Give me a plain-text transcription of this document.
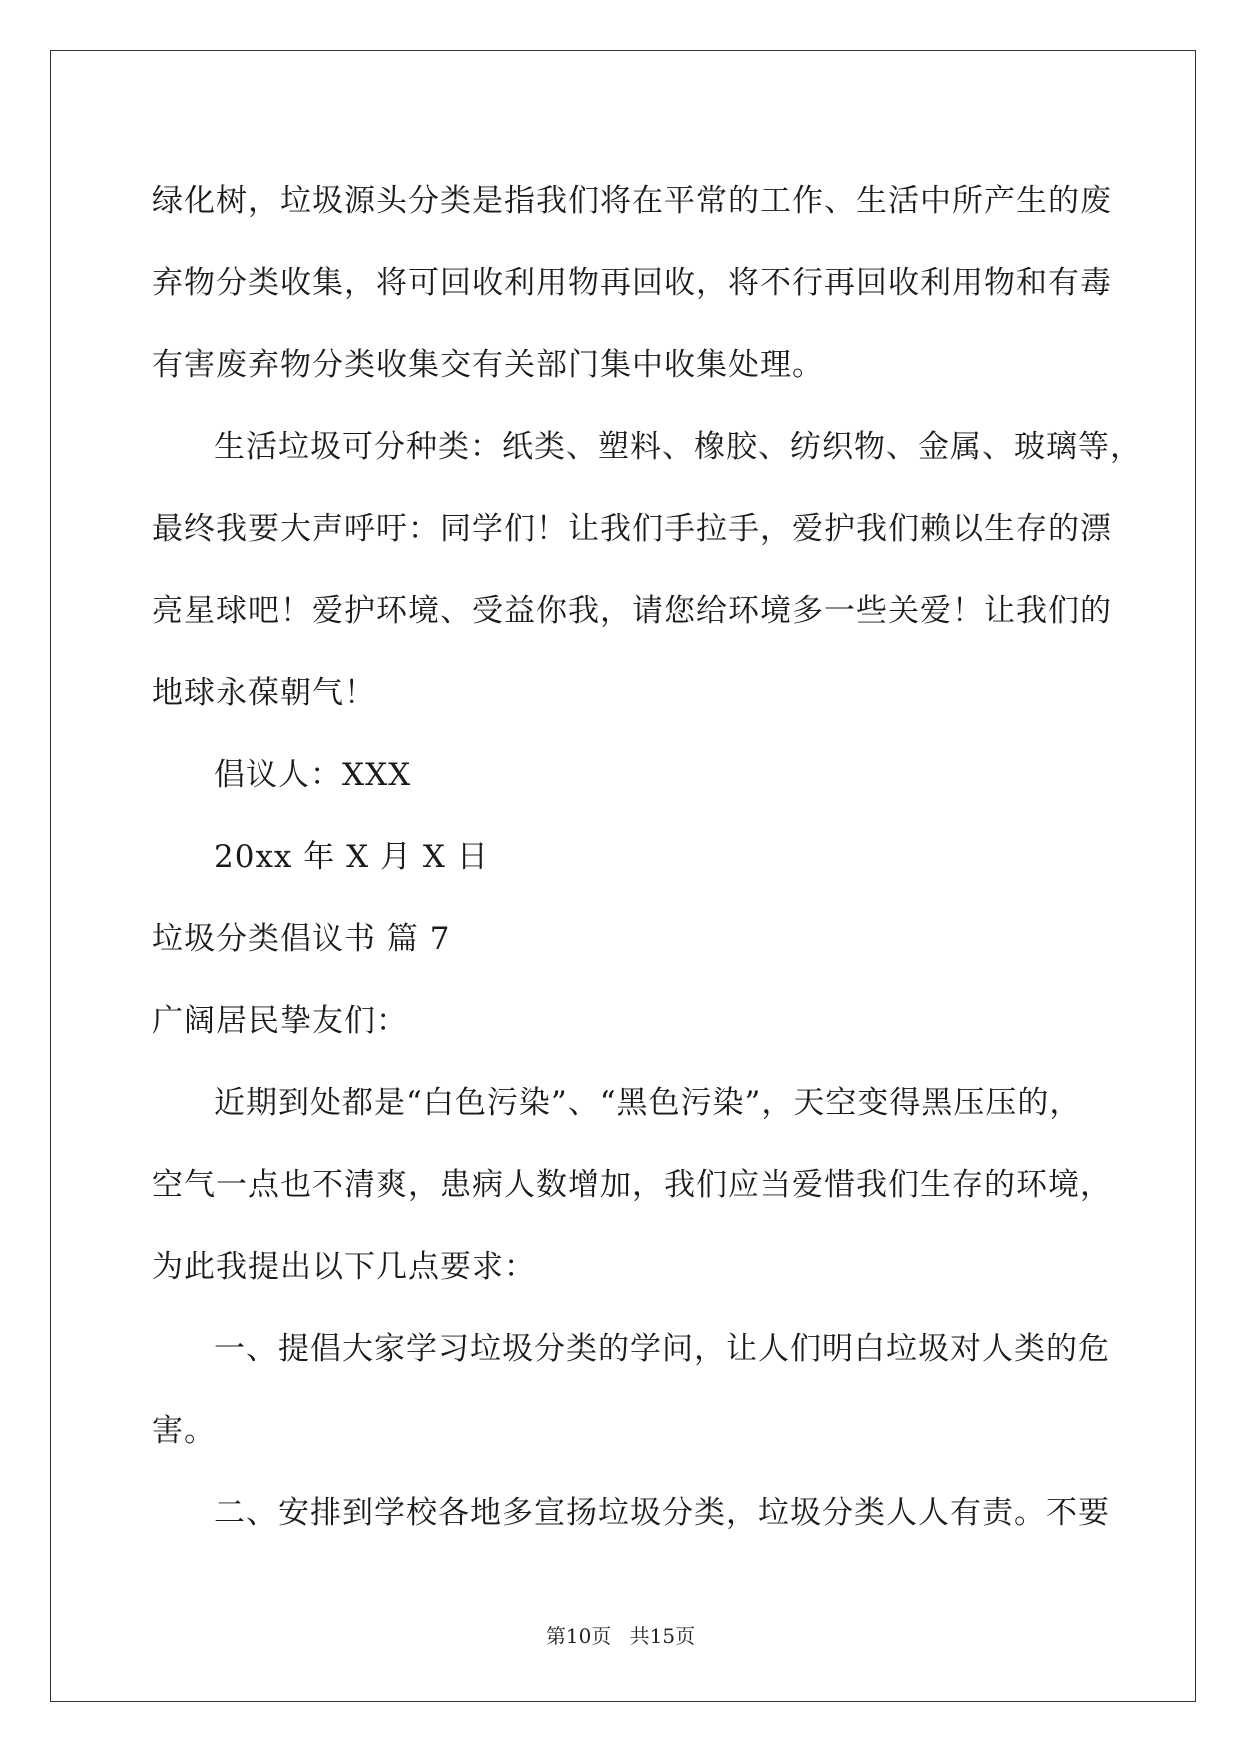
绿化树，垃圾源头分类是指我们将在平常的工作、生活中所产生的废
弃物分类收集，将可回收利用物再回收，将不行再回收利用物和有毒
有害废弃物分类收集交有关部门集中收集处理。
生活垃圾可分种类：纸类、塑料、橡胶、纺织物、金属、玻璃等，
最终我要大声呼吁：同学们！让我们手拉手，爱护我们赖以生存的漂
亮星球吧！爱护环境、受益你我，请您给环境多一些关爱！让我们的
地球永葆朝气！
倡议人：XXX
20xx 年 X 月 X 日
垃圾分类倡议书 篇 7
广阔居民挚友们：
近期到处都是“白色污染”、“黑色污染”，天空变得黑压压的，
空气一点也不清爽，患病人数增加，我们应当爱惜我们生存的环境，
为此我提出以下几点要求：
一、提倡大家学习垃圾分类的学问，让人们明白垃圾对人类的危
害。
二、安排到学校各地多宣扬垃圾分类，垃圾分类人人有责。不要
第10页 共15页
